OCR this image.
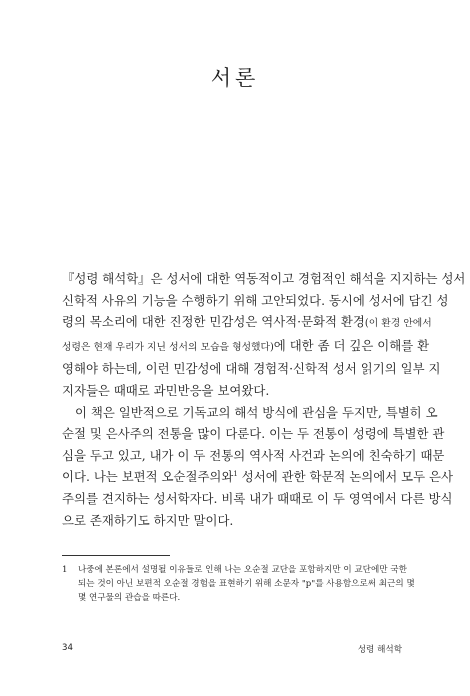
서론
『성령 해석학』은 성서에 대한 역동적이고 경험적인 해석을 지지하는 성서
신학적 사유의 기능을 수행하기 위해 고안되었다. 동시에 성서에 담긴 성
령의 목소리에 대한 진정한 민감성은 역사적·문화적 환경(이 환경 안에서
성령은 현재 우리가 지닌 성서의 모습을 형성했다)에 대한 좀 더 깊은 이해를 환
영해야 하는데, 이런 민감성에 대해 경험적·신학적 성서 읽기의 일부 지
지자들은 때때로 과민반응을 보여왔다.
이 책은 일반적으로 기독교의 해석 방식에 관심을 두지만, 특별히 오
순절 및 은사주의 전통을 많이 다룬다. 이는 두 전통이 성령에 특별한 관
심을 두고 있고, 내가 이 두 전통의 역사적 사건과 논의에 친숙하기 때문
이다. 나는 보편적 오순절주의와$^1$ 성서에 관한 학문적 논의에서 모두 은사
주의를 견지하는 성서학자다. 비록 내가 때때로 이 두 영역에서 다른 방식
으로 존재하기도 하지만 말이다.
1 나중에 본론에서 설명될 이유들로 인해 나는 오순절 교단을 포함하지만 이 교단에만 국한
되는 것이 아닌 보편적 오순절 경험을 표현하기 위해 소문자 "p"를 사용함으로써 최근의 몇
몇 연구물의 관습을 따른다.
34	성령 해석학
